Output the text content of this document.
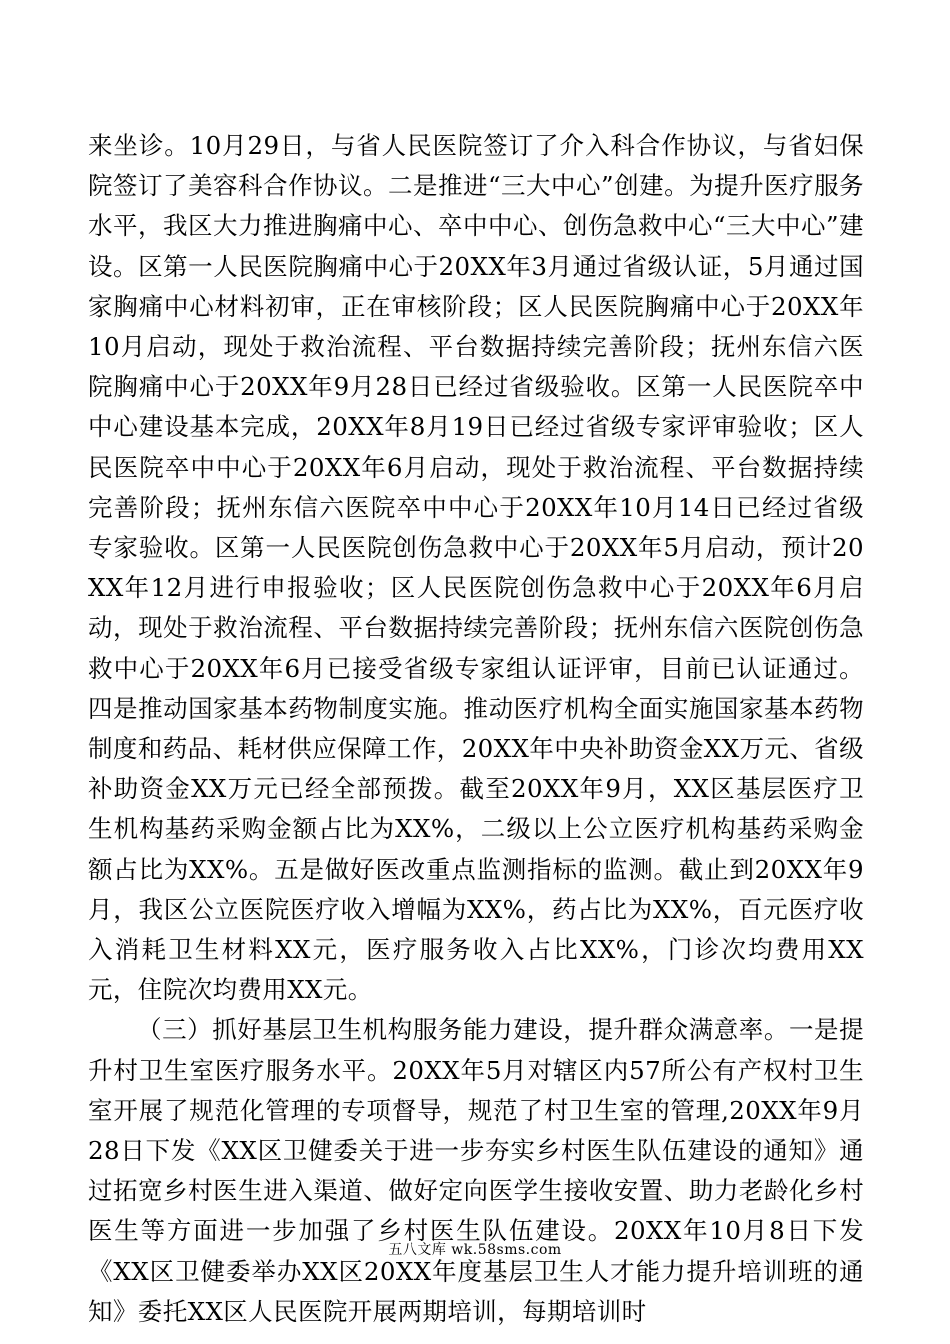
来坐诊。10月29日，与省人民医院签订了介入科合作协议，与省妇保院签订了美容科合作协议。二是推进“三大中心”创建。为提升医疗服务水平，我区大力推进胸痛中心、卒中中心、创伤急救中心“三大中心”建设。区第一人民医院胸痛中心于20XX年3月通过省级认证，5月通过国家胸痛中心材料初审，正在审核阶段；区人民医院胸痛中心于20XX年10月启动，现处于救治流程、平台数据持续完善阶段；抚州东信六医院胸痛中心于20XX年9月28日已经过省级验收。区第一人民医院卒中中心建设基本完成，20XX年8月19日已经过省级专家评审验收；区人民医院卒中中心于20XX年6月启动，现处于救治流程、平台数据持续完善阶段；抚州东信六医院卒中中心于20XX年10月14日已经过省级专家验收。区第一人民医院创伤急救中心于20XX年5月启动，预计20XX年12月进行申报验收；区人民医院创伤急救中心于20XX年6月启动，现处于救治流程、平台数据持续完善阶段；抚州东信六医院创伤急救中心于20XX年6月已接受省级专家组认证评审，目前已认证通过。四是推动国家基本药物制度实施。推动医疗机构全面实施国家基本药物制度和药品、耗材供应保障工作，20XX年中央补助资金XX万元、省级补助资金XX万元已经全部预拨。截至20XX年9月，XX区基层医疗卫生机构基药采购金额占比为XX%，二级以上公立医疗机构基药采购金额占比为XX%。五是做好医改重点监测指标的监测。截止到20XX年9月，我区公立医院医疗收入增幅为XX%，药占比为XX%，百元医疗收入消耗卫生材料XX元，医疗服务收入占比XX%，门诊次均费用XX元，住院次均费用XX元。

（三）抓好基层卫生机构服务能力建设，提升群众满意率。一是提升村卫生室医疗服务水平。20XX年5月对辖区内57所公有产权村卫生室开展了规范化管理的专项督导，规范了村卫生室的管理,20XX年9月28日下发《XX区卫健委关于进一步夯实乡村医生队伍建设的通知》通过拓宽乡村医生进入渠道、做好定向医学生接收安置、助力老龄化乡村医生等方面进一步加强了乡村医生队伍建设。20XX年10月8日下发《XX区卫健委举办XX区20XX年度基层卫生人才能力提升培训班的通知》委托XX区人民医院开展两期培训，每期培训时

五八文库 wk.58sms.com
